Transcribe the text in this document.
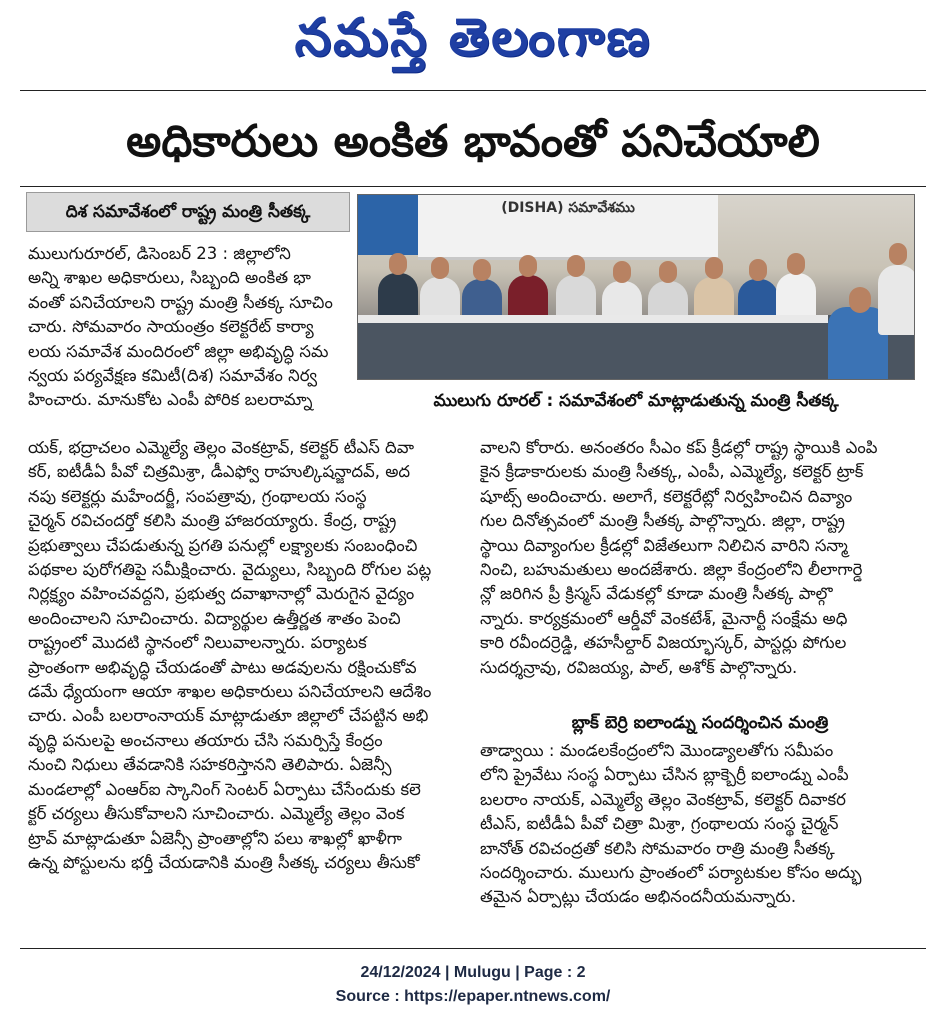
నమస్తే తెలంగాణ
అధికారులు అంకిత భావంతో పనిచేయాలి
దిశ సమావేశంలో రాష్ట్ర మంత్రి సీతక్క	(DISHA) సమావేశము
ములుగు రూరల్ : సమావేశంలో మాట్లాడుతున్న మంత్రి సీతక్క
ములుగురూరల్, డిసెంబర్ 23 : జిల్లాలోని
అన్ని శాఖల అధికారులు, సిబ్బంది అంకిత భా
వంతో పనిచేయాలని రాష్ట్ర మంత్రి సీతక్క సూచిం
చారు. సోమవారం సాయంత్రం కలెక్టరేట్ కార్యా
లయ సమావేశ మందిరంలో జిల్లా అభివృద్ధి సమ
న్వయ పర్యవేక్షణ కమిటీ(దిశ) సమావేశం నిర్వ
హించారు. మానుకోట ఎంపీ పోరిక బలరామ్నా
యక్, భద్రాచలం ఎమ్మెల్యే తెల్లం వెంకట్రావ్, కలెక్టర్ టీఎస్ దివా
కర్, ఐటీడీఏ పీవో చిత్రమిశ్రా, డీఎఫ్వో రాహుల్కిషన్జాదవ్, అద
నపు కలెక్టర్లు మహేందర్జీ, సంపత్రావు, గ్రంథాలయ సంస్థ
చైర్మన్ రవిచందర్తో కలిసి మంత్రి హాజరయ్యారు. కేంద్ర, రాష్ట్ర
ప్రభుత్వాలు చేపడుతున్న ప్రగతి పనుల్లో లక్ష్యాలకు సంబంధించి
పథకాల పురోగతిపై సమీక్షించారు. వైద్యులు, సిబ్బంది రోగుల పట్ల
నిర్లక్ష్యం వహించవద్దని, ప్రభుత్వ దవాఖానాల్లో మెరుగైన వైద్యం
అందించాలని సూచించారు. విద్యార్థుల ఉత్తీర్ణత శాతం పెంచి
రాష్ట్రంలో మొదటి స్థానంలో నిలువాలన్నారు. పర్యాటక
ప్రాంతంగా అభివృద్ధి చేయడంతో పాటు అడవులను రక్షించుకోవ
డమే ధ్యేయంగా ఆయా శాఖల అధికారులు పనిచేయాలని ఆదేశిం
చారు. ఎంపీ బలరాంనాయక్ మాట్లాడుతూ జిల్లాలో చేపట్టిన అభి
వృద్ధి పనులపై అంచనాలు తయారు చేసి సమర్పిస్తే కేంద్రం
నుంచి నిధులు తేవడానికి సహకరిస్తానని తెలిపారు. ఏజెన్సీ
మండలాల్లో ఎంఆర్ఐ స్కానింగ్ సెంటర్ ఏర్పాటు చేసేందుకు కలె
క్టర్ చర్యలు తీసుకోవాలని సూచించారు. ఎమ్మెల్యే తెల్లం వెంక
ట్రావ్ మాట్లాడుతూ ఏజెన్సీ ప్రాంతాల్లోని పలు శాఖల్లో ఖాళీగా
ఉన్న పోస్టులను భర్తీ చేయడానికి మంత్రి సీతక్క చర్యలు తీసుకో
వాలని కోరారు. అనంతరం సీఎం కప్ క్రీడల్లో రాష్ట్ర స్థాయికి ఎంపి
కైన క్రీడాకారులకు మంత్రి సీతక్క, ఎంపీ, ఎమ్మెల్యే, కలెక్టర్ ట్రాక్
షూట్స్ అందించారు. అలాగే, కలెక్టరేట్లో నిర్వహించిన దివ్యాం
గుల దినోత్సవంలో మంత్రి సీతక్క పాల్గొన్నారు. జిల్లా, రాష్ట్ర
స్థాయి దివ్యాంగుల క్రీడల్లో విజేతలుగా నిలిచిన వారిని సన్మా
నించి, బహుమతులు అందజేశారు. జిల్లా కేంద్రంలోని లీలాగార్డె
న్లో జరిగిన ప్రీ క్రిస్మస్ వేడుకల్లో కూడా మంత్రి సీతక్క పాల్గొ
న్నారు. కార్యక్రమంలో ఆర్డీవో వెంకటేశ్, మైనార్టీ సంక్షేమ అధి
కారి రవీందర్రెడ్డి, తహసీల్దార్ విజయ్భాస్కర్, పాస్టర్లు పోగుల
సుదర్శన్రావు, రవిజయ్య, పాల్, అశోక్ పాల్గొన్నారు.
బ్లాక్ బెర్రి ఐలాండ్ను సందర్శించిన మంత్రి
తాడ్వాయి : మండలకేంద్రంలోని మొండ్యాలతోగు సమీపం
లోని ప్రైవేటు సంస్థ ఏర్పాటు చేసిన బ్లాక్బెర్రీ ఐలాండ్ను ఎంపీ
బలరాం నాయక్, ఎమ్మెల్యే తెల్లం వెంకట్రావ్, కలెక్టర్ దివాకర
టీఎస్, ఐటీడీఏ పీవో చిత్రా మిశ్రా, గ్రంథాలయ సంస్థ చైర్మన్
బానోత్ రవిచంద్రతో కలిసి సోమవారం రాత్రి మంత్రి సీతక్క
సందర్శించారు. ములుగు ప్రాంతంలో పర్యాటకుల కోసం అద్భు
తమైన ఏర్పాట్లు చేయడం అభినందనీయమన్నారు.
24/12/2024 | Mulugu | Page : 2
Source : https://epaper.ntnews.com/
